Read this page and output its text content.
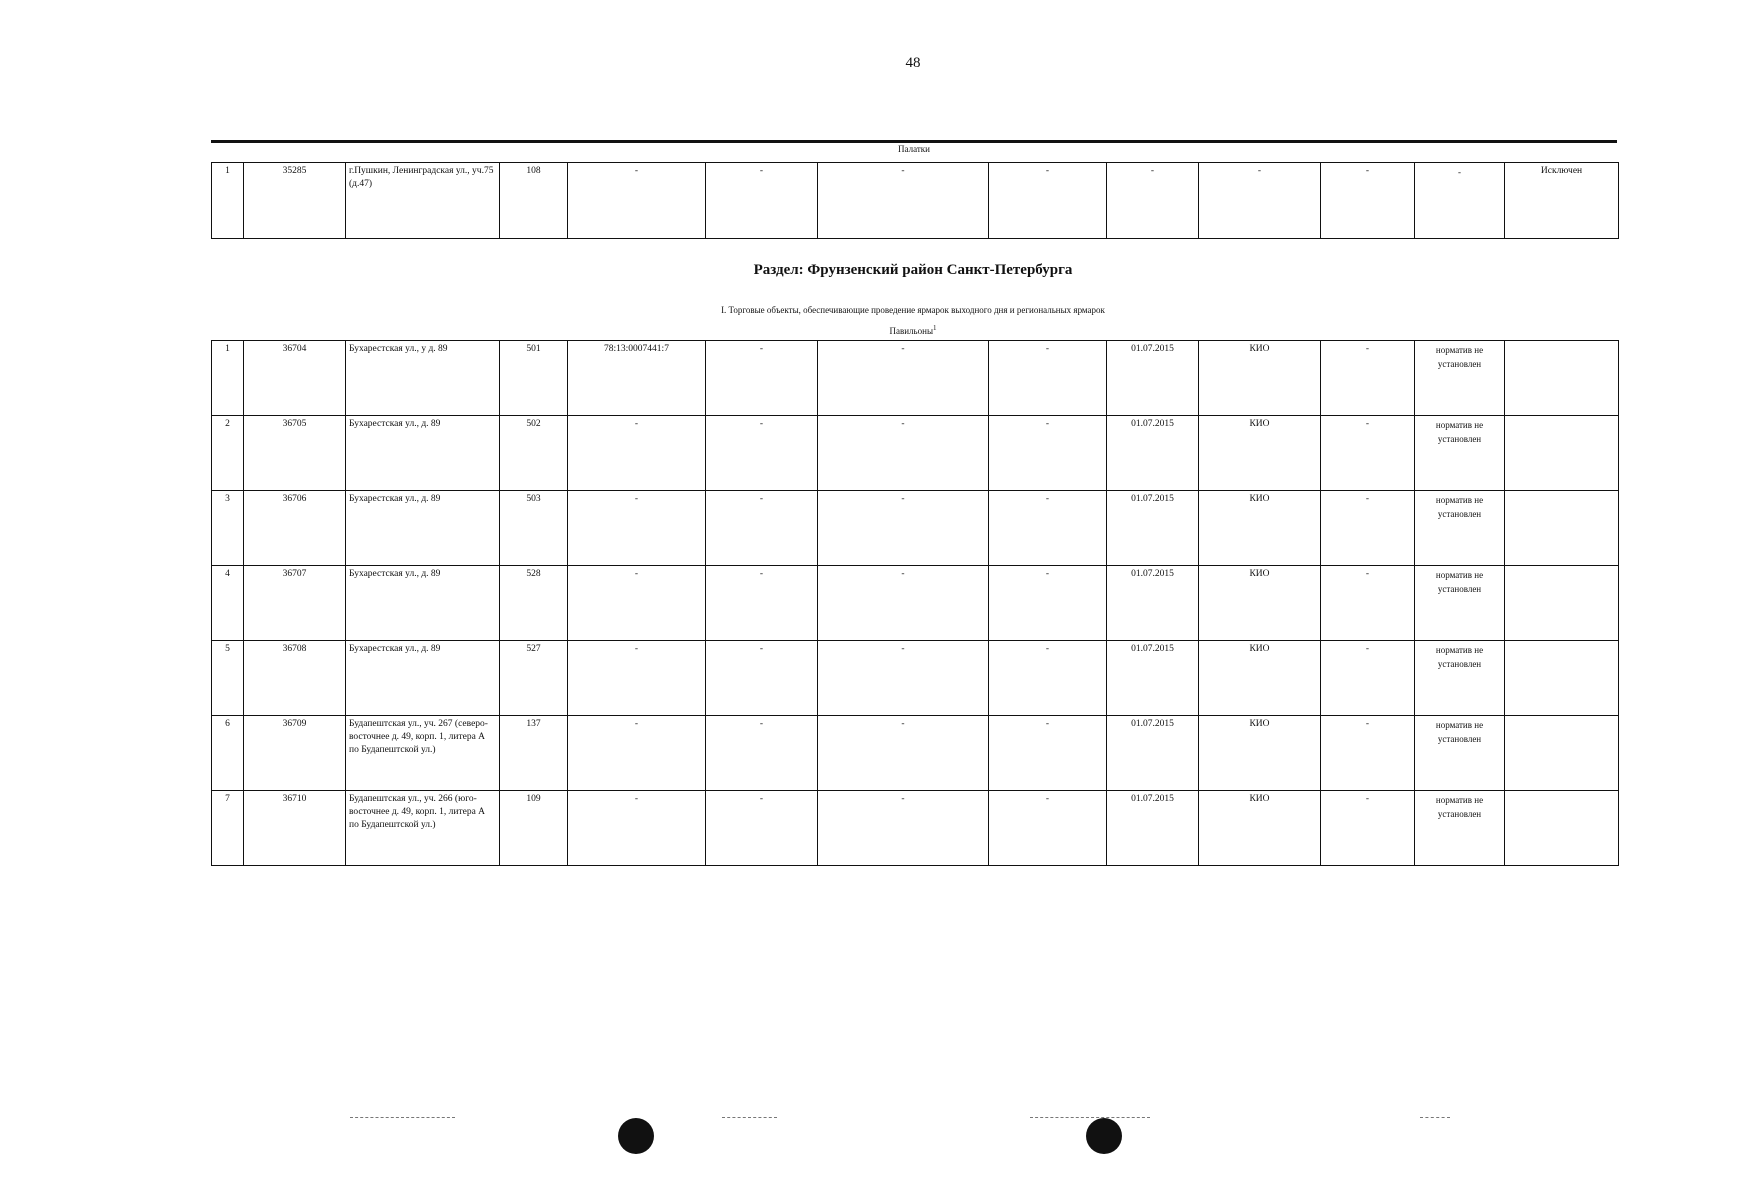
48
Палатки
1	35285	г.Пушкин, Ленинградская ул., уч.75 (д.47)	108	-	-	-	-	-	-	-	-	Исключен
Раздел: Фрунзенский район Санкт-Петербурга
I. Торговые объекты, обеспечивающие проведение ярмарок выходного дня и региональных ярмарок
Павильоны$^1$
1	36704	Бухарестская ул., у д. 89	501	78:13:0007441:7	-	-	-	01.07.2015	КИО	-	норматив не установлен	
2	36705	Бухарестская ул., д. 89	502	-	-	-	-	01.07.2015	КИО	-	норматив не установлен	
3	36706	Бухарестская ул., д. 89	503	-	-	-	-	01.07.2015	КИО	-	норматив не установлен	
4	36707	Бухарестская ул., д. 89	528	-	-	-	-	01.07.2015	КИО	-	норматив не установлен	
5	36708	Бухарестская ул., д. 89	527	-	-	-	-	01.07.2015	КИО	-	норматив не установлен	
6	36709	Будапештская ул., уч. 267 (северо-восточнее д. 49, корп. 1, литера А по Будапештской ул.)	137	-	-	-	-	01.07.2015	КИО	-	норматив не установлен	
7	36710	Будапештская ул., уч. 266 (юго-восточнее д. 49, корп. 1, литера А по Будапештской ул.)	109	-	-	-	-	01.07.2015	КИО	-	норматив не установлен	
